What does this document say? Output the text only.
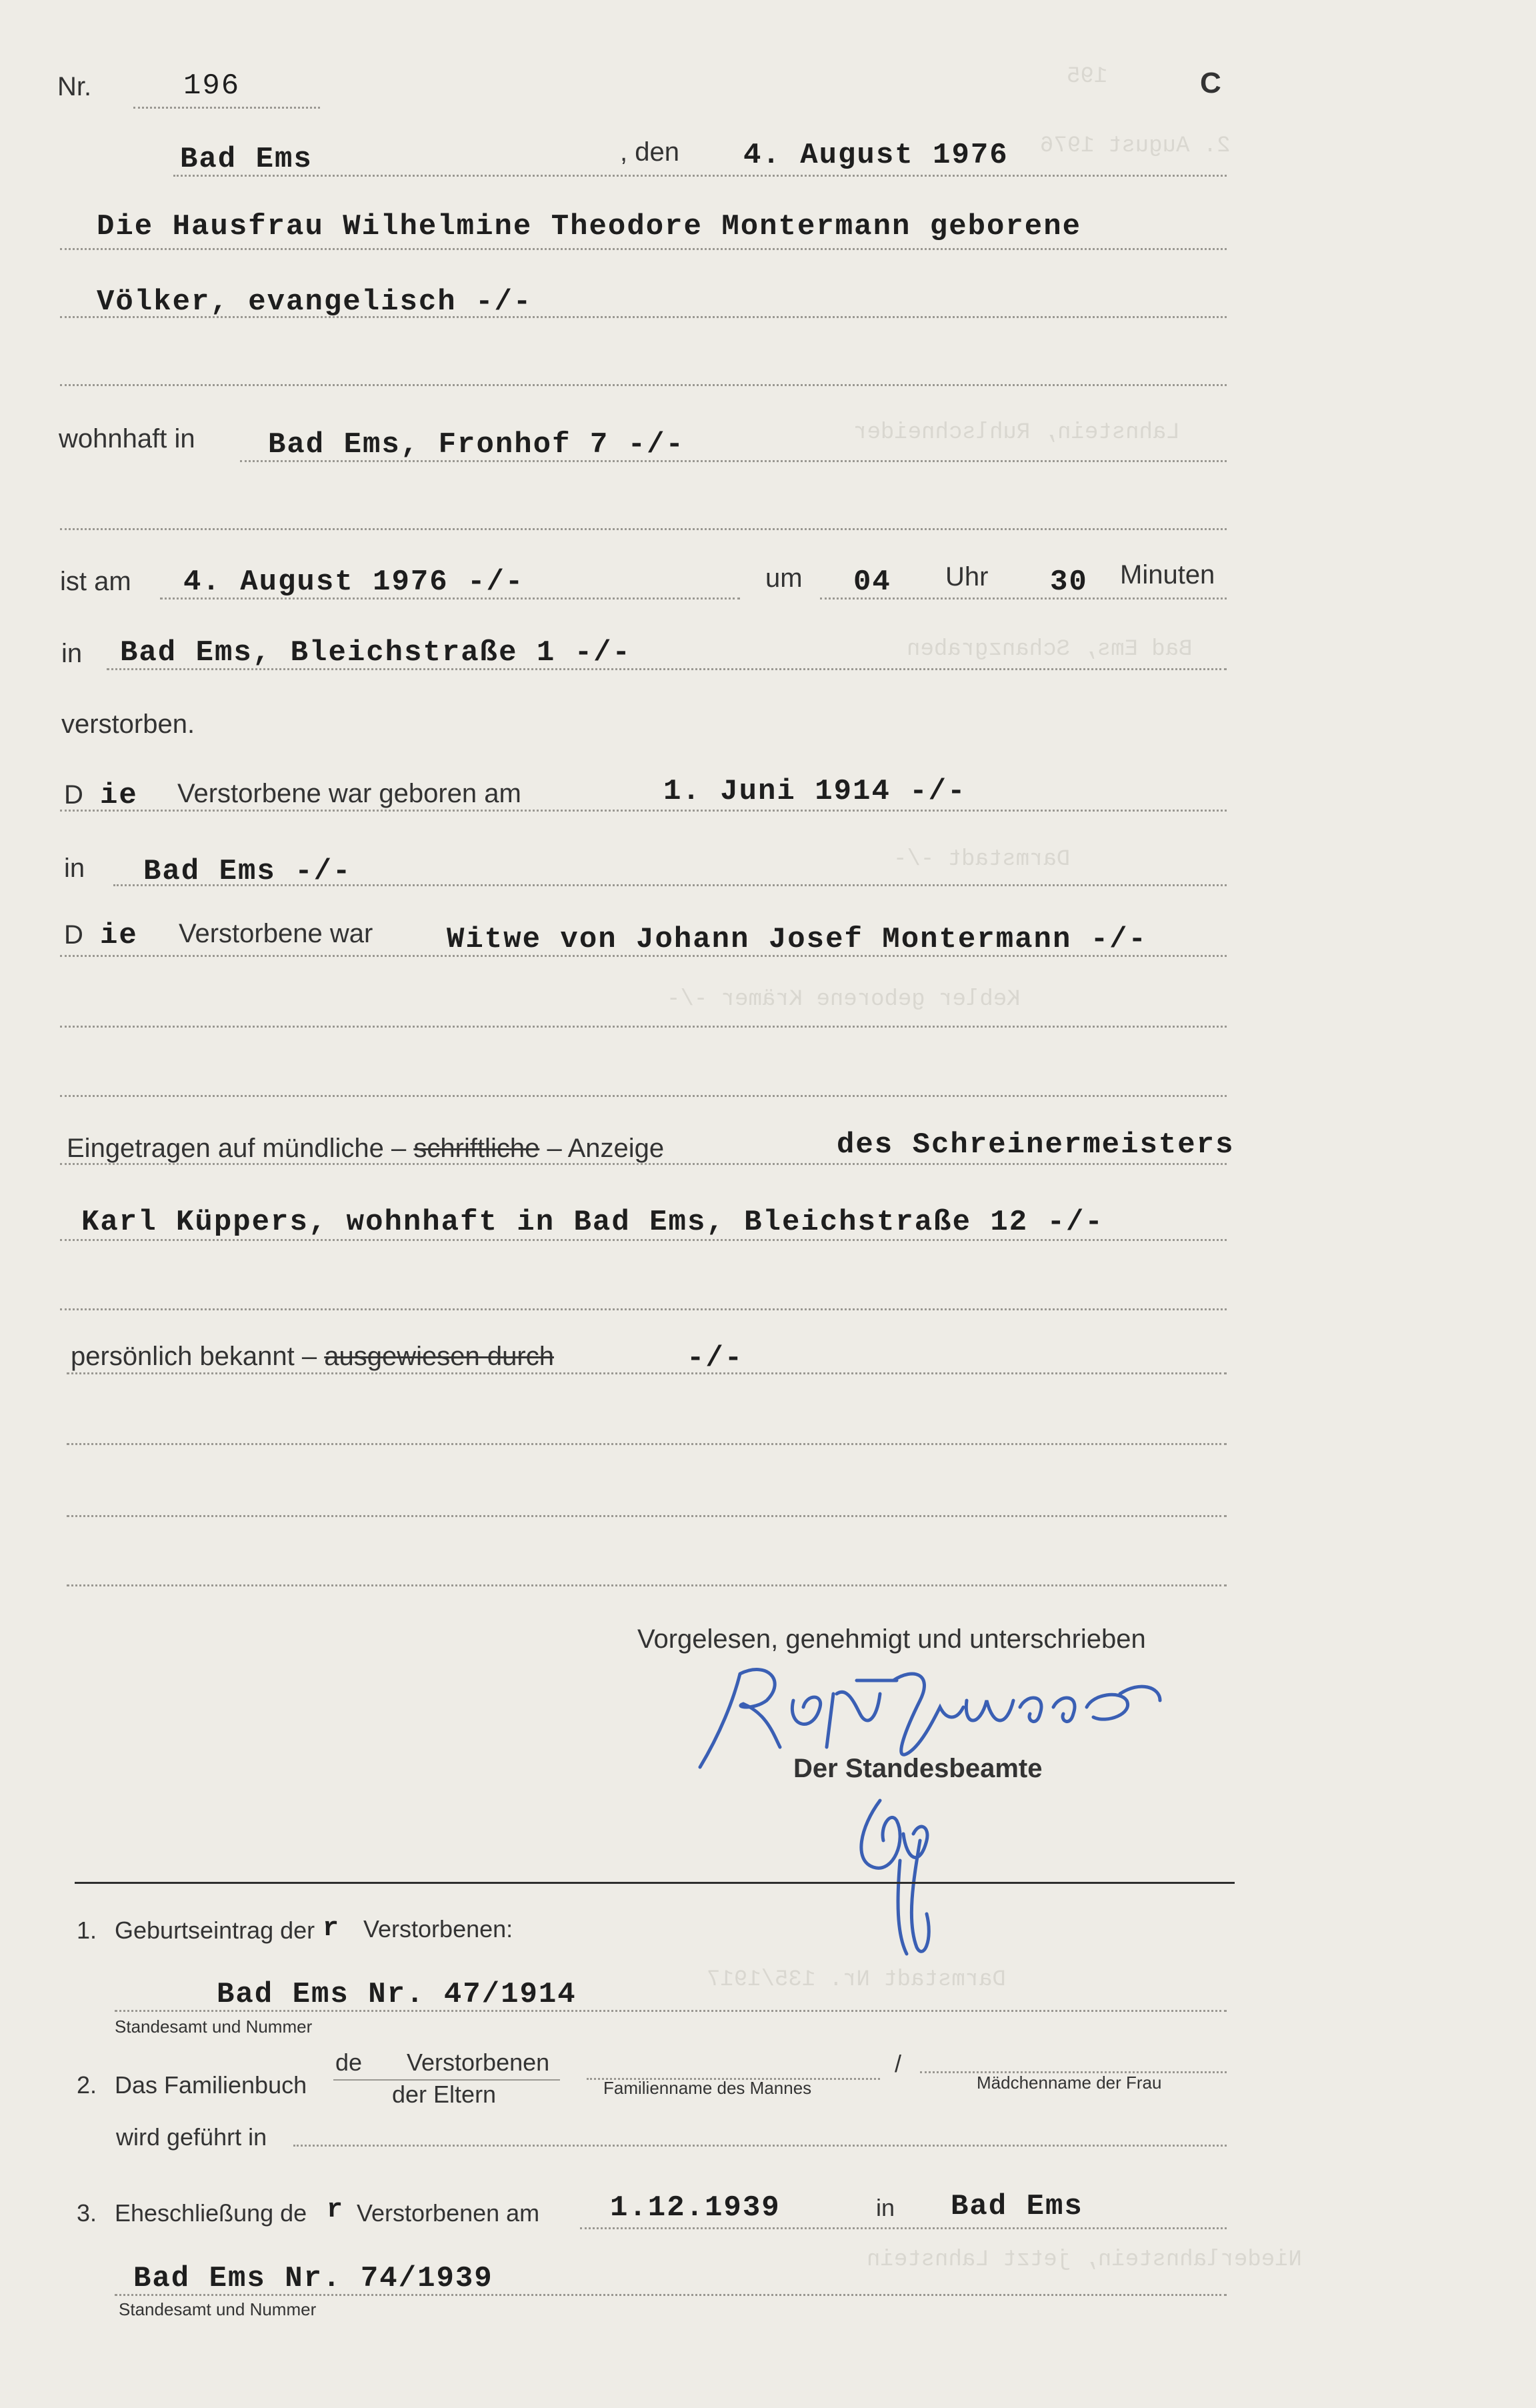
195
2. August 1976
Lahnstein, Ruhlschneider
Bad Ems, Schanzgraben
Darmstadt -/-
Kebler geborene Krämer -/-
Darmstadt Nr. 135/1917
Niederlahnstein, jetzt Lahnstein
Nr.	196	C
Bad Ems	, den 4. August 1976
Die Hausfrau Wilhelmine Theodore Montermann geborene
Völker, evangelisch -/-
wohnhaft in Bad Ems, Fronhof 7 -/-
ist am 4. August 1976 -/-	um 04 Uhr 30 Minuten
in Bad Ems, Bleichstraße 1 -/-
verstorben.
D ie Verstorbene war geboren am	1. Juni 1914 -/-
in Bad Ems -/-
D ie Verstorbene war	Witwe von Johann Josef Montermann -/-
Eingetragen auf mündliche – schriftliche – Anzeige	des Schreinermeisters
Karl Küppers, wohnhaft in Bad Ems, Bleichstraße 12 -/-
persönlich bekannt – ausgewiesen durch	-/-
Vorgelesen, genehmigt und unterschrieben
Der Standesbeamte
1. Geburtseintrag der r Verstorbenen:
Bad Ems Nr. 47/1914
Standesamt und Nummer
2. Das Familienbuch
de Verstorbenen
der Eltern	Familienname des Mannes
/
Mädchenname der Frau
wird geführt in
3. Eheschließung de r Verstorbenen am 1.12.1939	in Bad Ems
Bad Ems Nr. 74/1939
Standesamt und Nummer
